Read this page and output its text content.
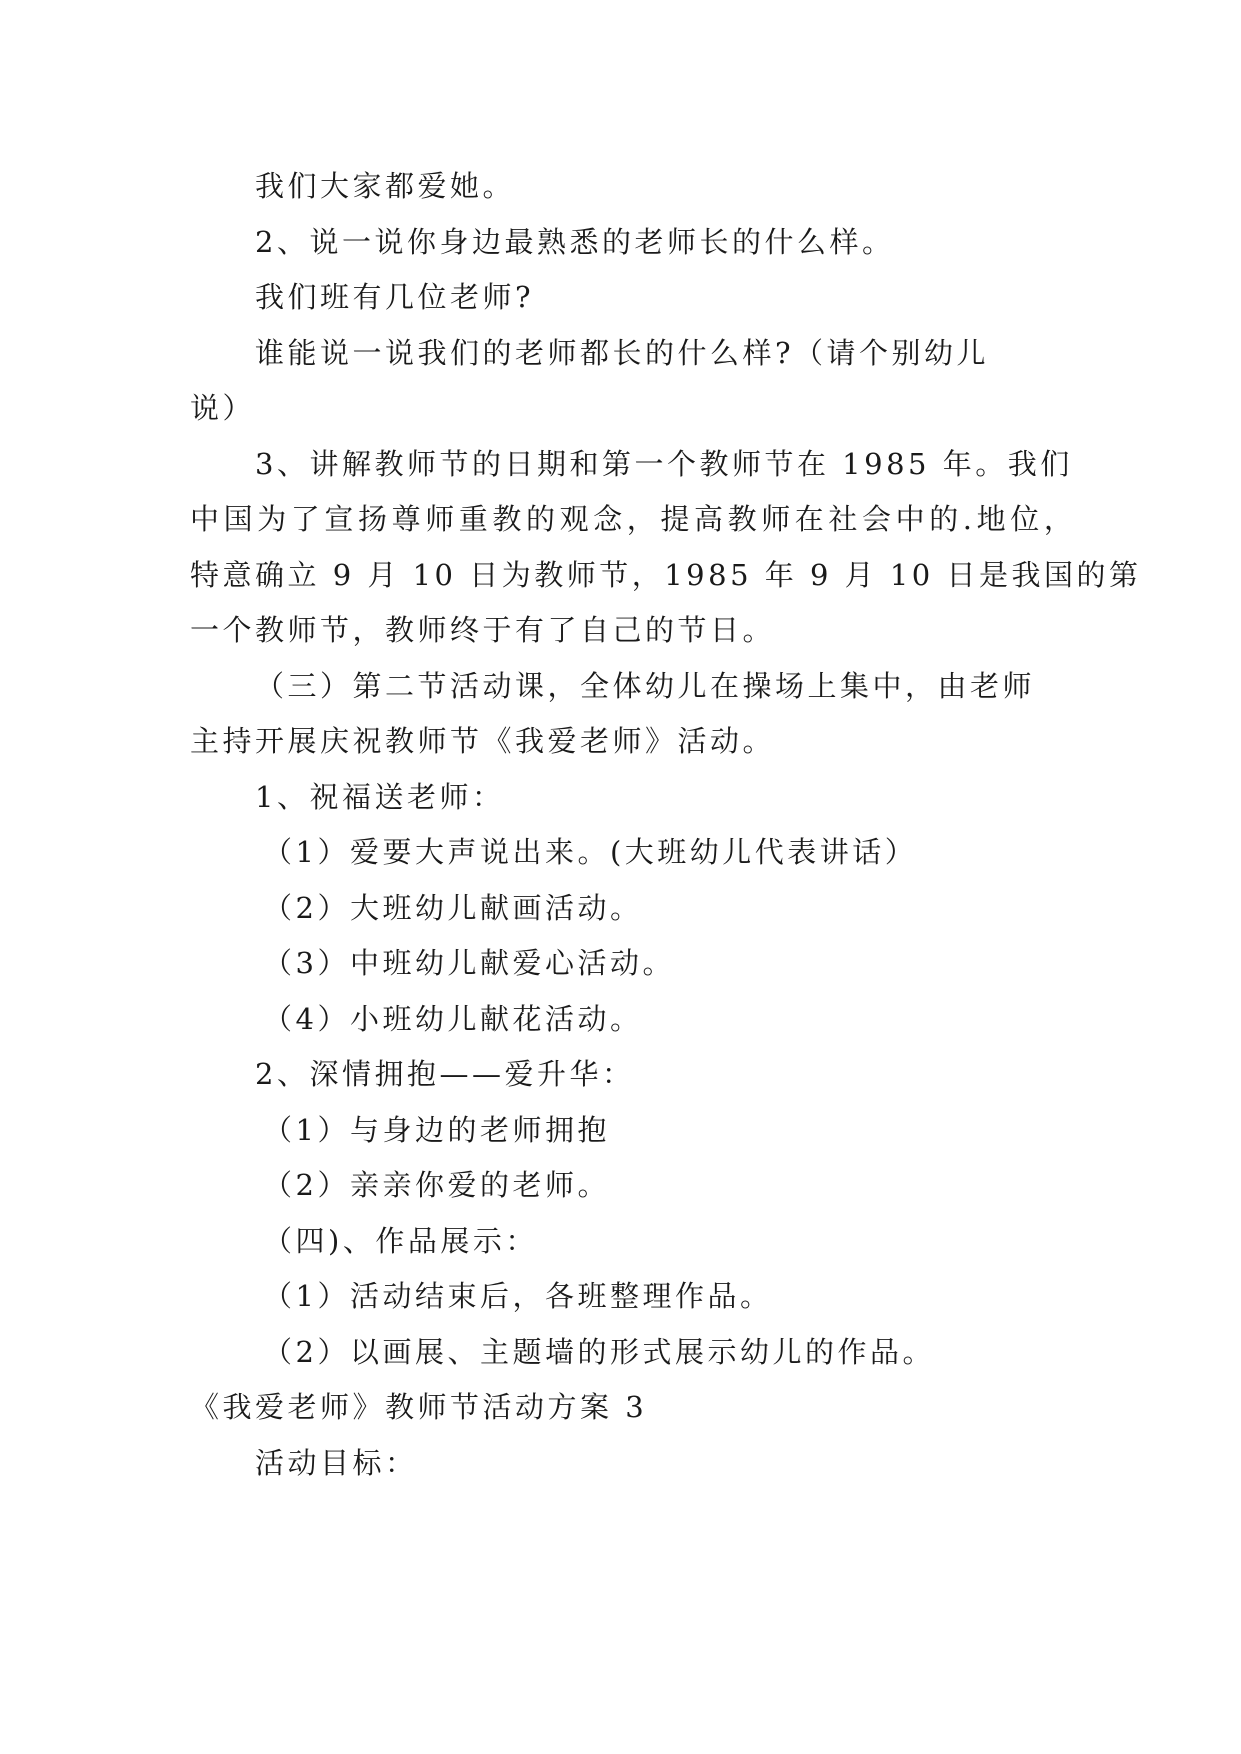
我们大家都爱她。
2、说一说你身边最熟悉的老师长的什么样。
我们班有几位老师?
谁能说一说我们的老师都长的什么样?（请个别幼儿
说）
3、讲解教师节的日期和第一个教师节在 1985 年。我们
中国为了宣扬尊师重教的观念，提高教师在社会中的.地位，
特意确立 9 月 10 日为教师节，1985 年 9 月 10 日是我国的第
一个教师节，教师终于有了自己的节日。
（三）第二节活动课，全体幼儿在操场上集中，由老师
主持开展庆祝教师节《我爱老师》活动。
1、祝福送老师：
（1）爱要大声说出来。(大班幼儿代表讲话）
（2）大班幼儿献画活动。
（3）中班幼儿献爱心活动。
（4）小班幼儿献花活动。
2、深情拥抱——爱升华：
（1）与身边的老师拥抱
（2）亲亲你爱的老师。
（四)、作品展示：
（1）活动结束后，各班整理作品。
（2）以画展、主题墙的形式展示幼儿的作品。
《我爱老师》教师节活动方案 3
活动目标：
